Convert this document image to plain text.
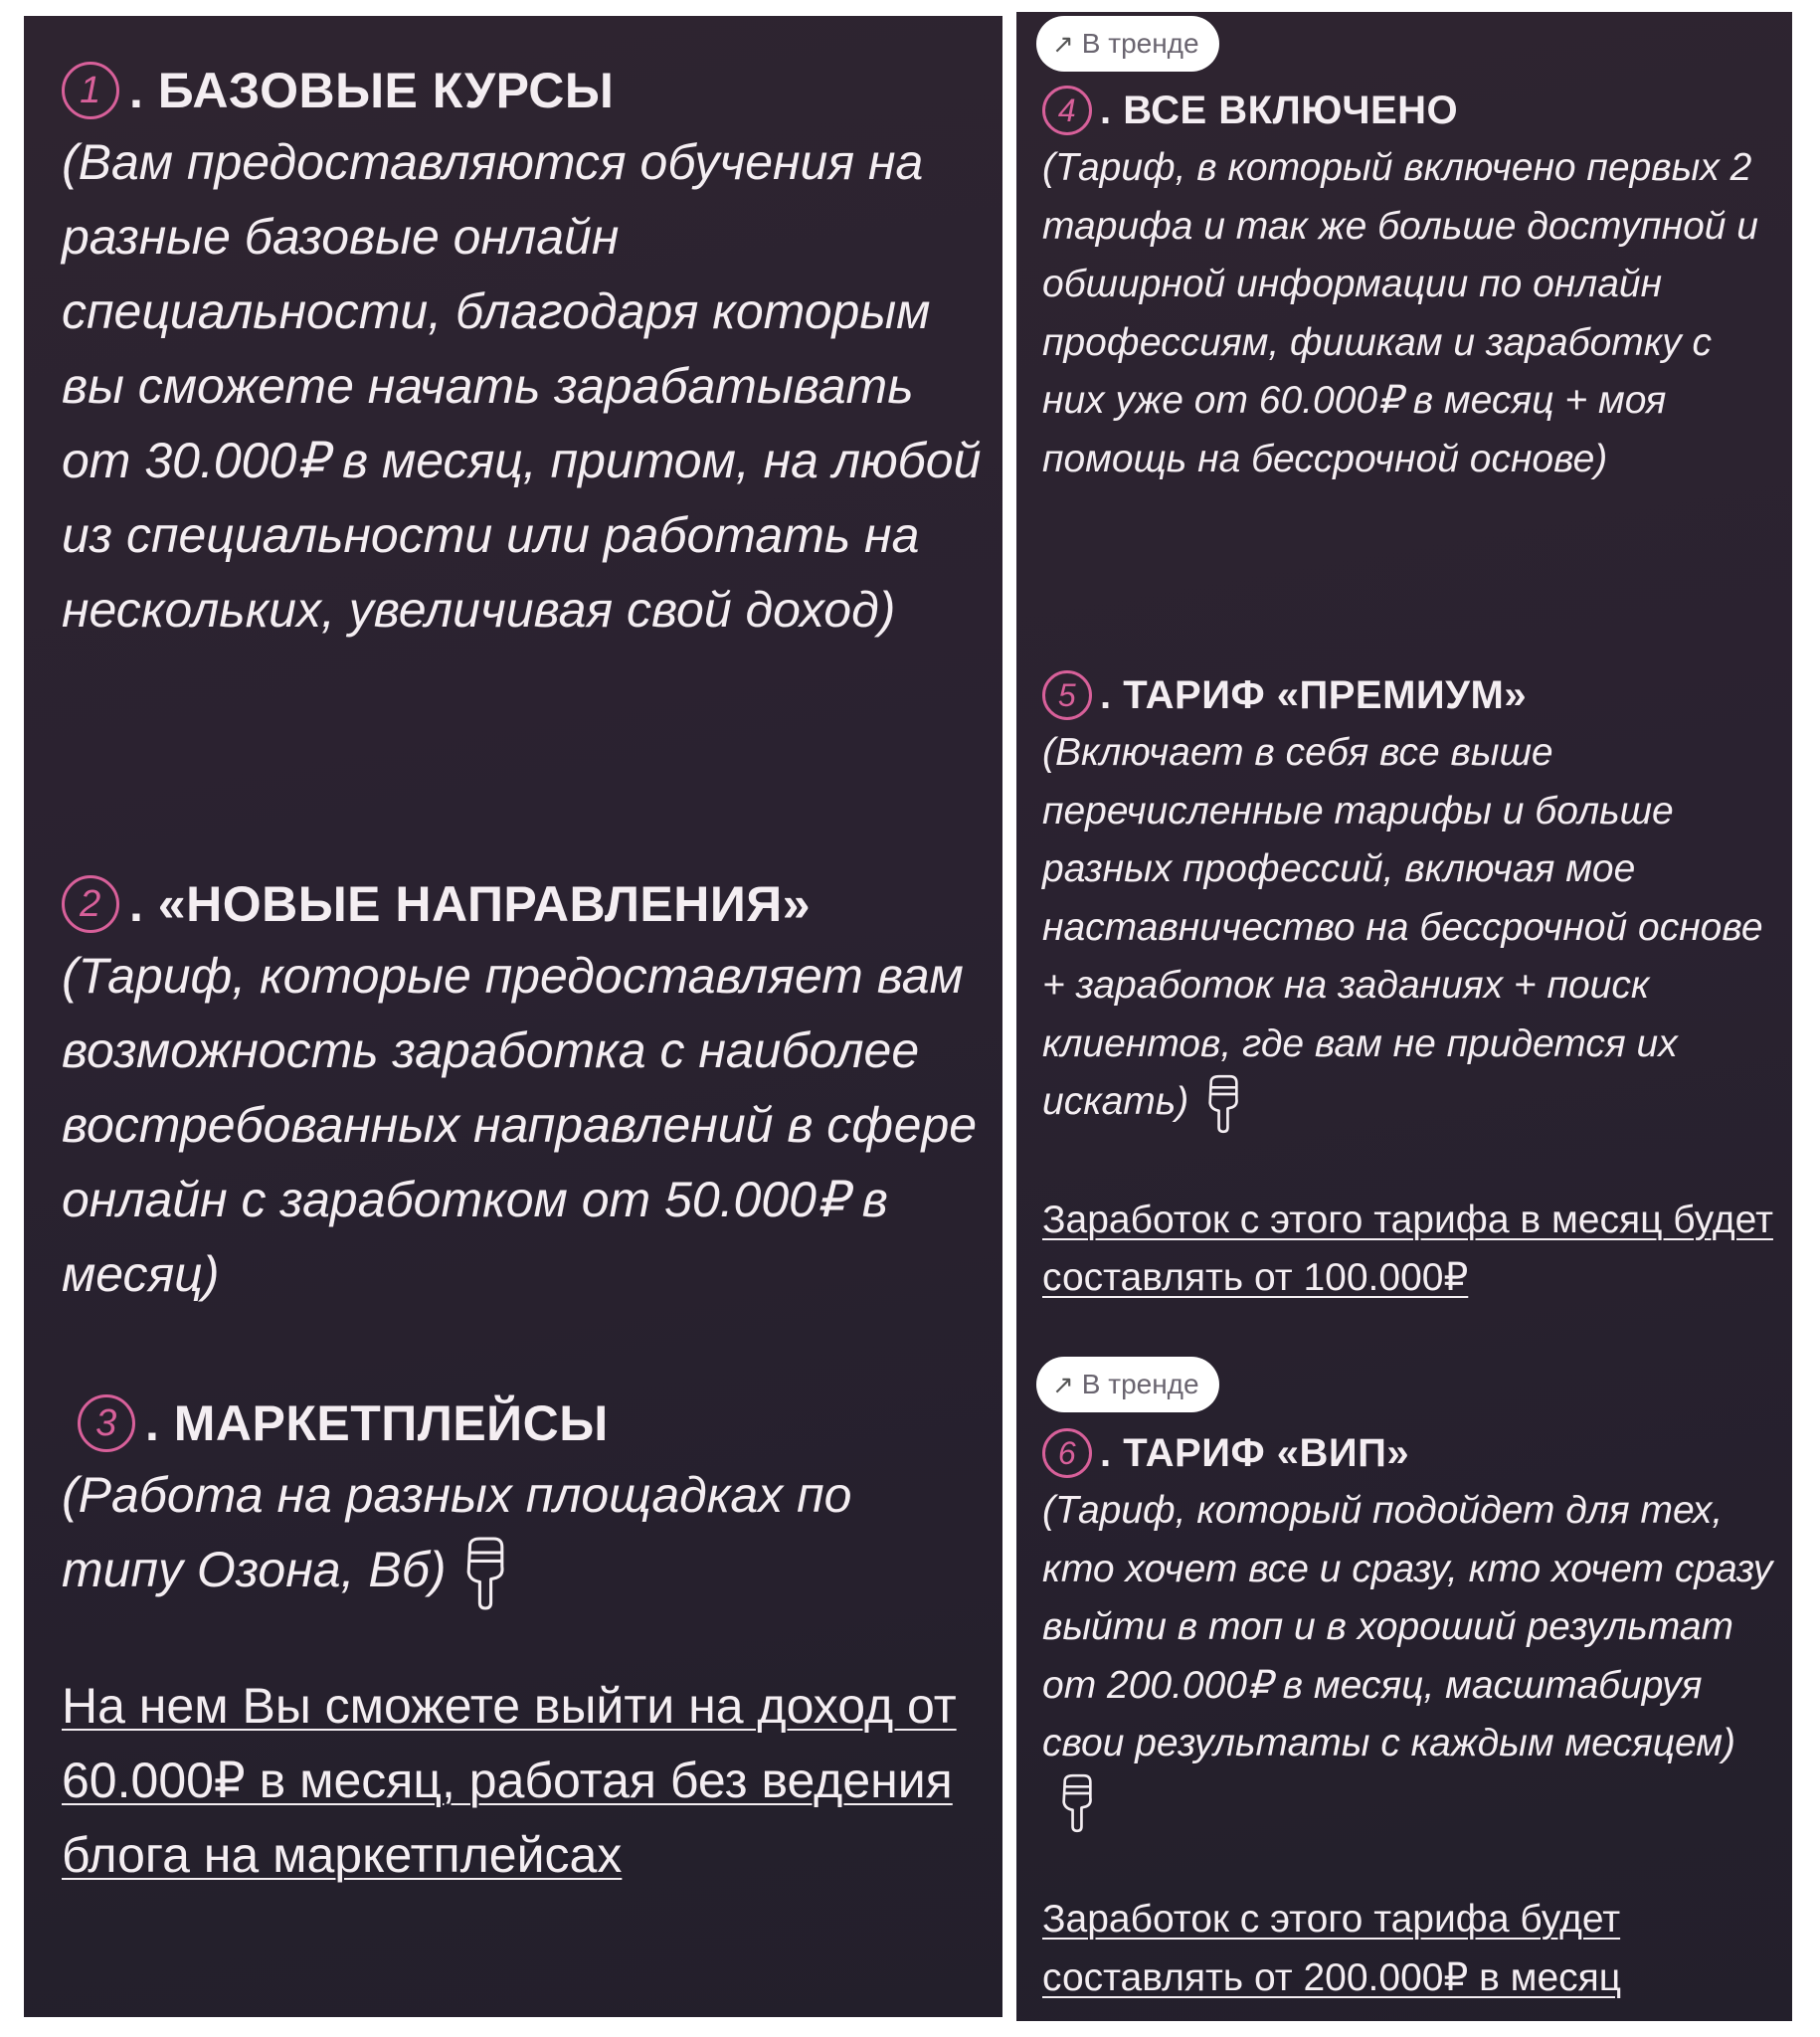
1 . БАЗОВЫЕ КУРСЫ

(Вам предоставляются обучения на разные базовые онлайн специальности, благодаря которым вы сможете начать зарабатывать от 30.000₽ в месяц, притом, на любой из специальности или работать на нескольких, увеличивая свой доход)

2 . «НОВЫЕ НАПРАВЛЕНИЯ»

(Тариф, которые предоставляет вам возможность заработка с наиболее востребованных направлений в сфере онлайн с заработком от 50.000₽ в месяц)

3 . МАРКЕТПЛЕЙСЫ

(Работа на разных площадках по типу Озона, Вб)

На нем Вы сможете выйти на доход от 60.000₽ в месяц, работая без ведения блога на маркетплейсах

↗ В тренде
4 . ВСЕ ВКЛЮЧЕНО

(Тариф, в который включено первых 2 тарифа и так же больше доступной и обширной информации по онлайн профессиям, фишкам и заработку с них уже от 60.000₽ в месяц + моя помощь на бессрочной основе)

5 . ТАРИФ «ПРЕМИУМ»

(Включает в себя все выше перечисленные тарифы и больше разных профессий, включая мое наставничество на бессрочной основе + заработок на заданиях + поиск клиентов, где вам не придется их искать)

Заработок с этого тарифа в месяц будет составлять от 100.000₽

↗ В тренде
6 . ТАРИФ «ВИП»

(Тариф, который подойдет для тех, кто хочет все и сразу, кто хочет сразу выйти в топ и в хороший результат от 200.000₽ в месяц, масштабируя свои результаты с каждым месяцем)

Заработок с этого тарифа будет составлять от 200.000₽ в месяц
